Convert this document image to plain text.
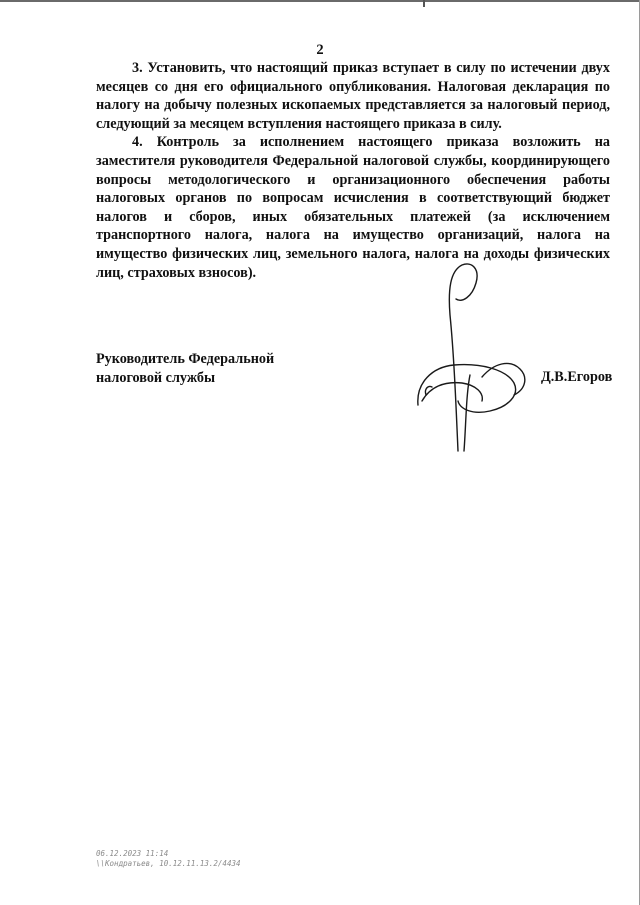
2

3. Установить, что настоящий приказ вступает в силу по истечении двух месяцев со дня его официального опубликования. Налоговая декларация по налогу на добычу полезных ископаемых представляется за налоговый период, следующий за месяцем вступления настоящего приказа в силу.

4. Контроль за исполнением настоящего приказа возложить на заместителя руководителя Федеральной налоговой службы, координирующего вопросы методологического и организационного обеспечения работы налоговых органов по вопросам исчисления в соответствующий бюджет налогов и сборов, иных обязательных платежей (за исключением транспортного налога, налога на имущество организаций, налога на имущество физических лиц, земельного налога, налога на доходы физических лиц, страховых взносов).

Руководитель Федеральной
налоговой службы	Д.В.Егоров
06.12.2023 11:14
\\Кондратьев, 10.12.11.13.2/4434
